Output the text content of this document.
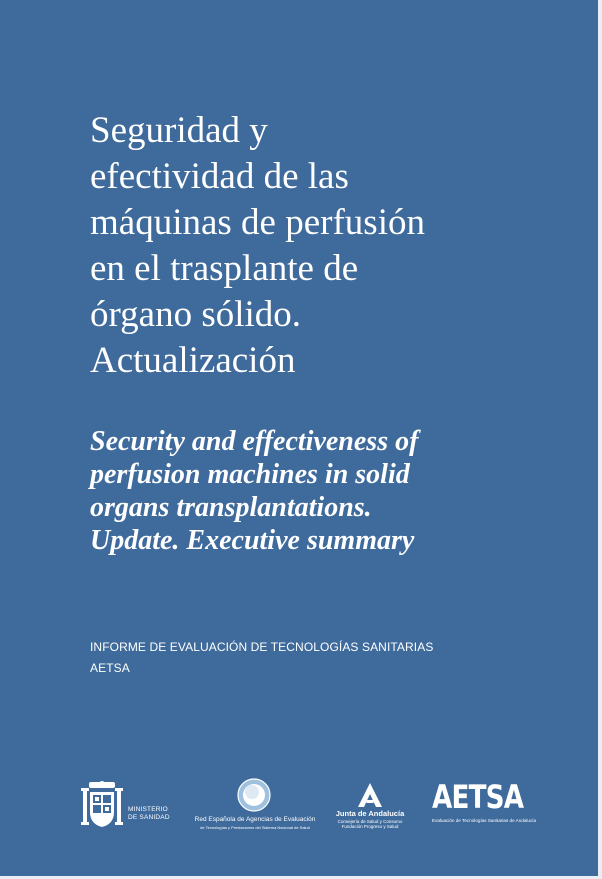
Seguridad y
efectividad de las
máquinas de perfusión
en el trasplante de
órgano sólido.
Actualización
Security and effectiveness of
perfusion machines in solid
organs transplantations.
Update. Executive summary
INFORME DE EVALUACIÓN DE TECNOLOGÍAS SANITARIAS
AETSA
MINISTERIO
DE SANIDAD	Red Española de Agencias de Evaluación
de Tecnologías y Prestaciones del Sistema Nacional de Salud
Junta de Andalucía
Consejería de Salud y Consumo
Fundación Progreso y Salud
AETSA
Evaluación de Tecnologías Sanitarias de Andalucía
